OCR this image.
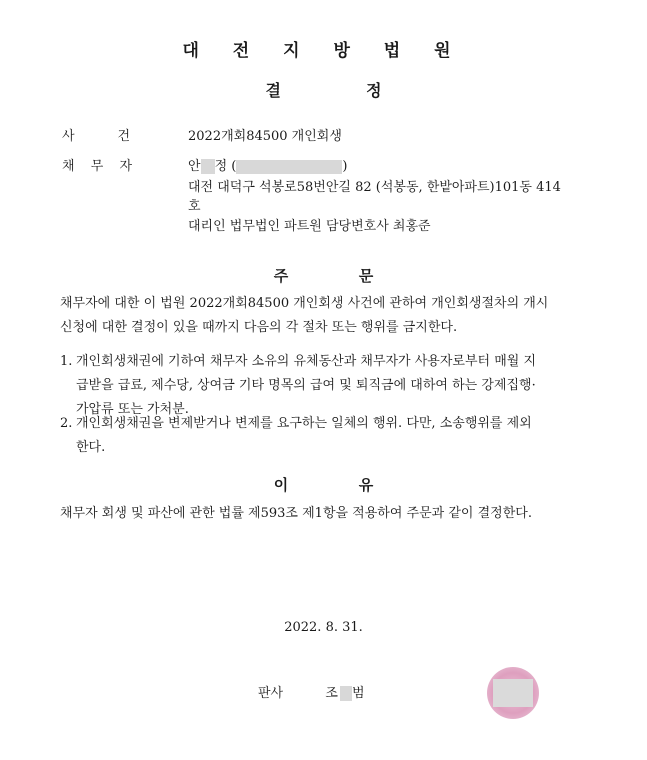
대 전 지 방 법 원
결	정
사	건	2022개회84500 개인회생
채 무 자	안 정 (	)
대전 대덕구 석봉로58번안길 82 (석봉동, 한밭아파트)101동 414
호
대리인 법무법인 파트원 담당변호사 최홍준
주	문
채무자에 대한 이 법원 2022개회84500 개인회생 사건에 관하여 개인회생절차의 개시
신청에 대한 결정이 있을 때까지 다음의 각 절차 또는 행위를 금지한다.
1. 개인회생채권에 기하여 채무자 소유의 유체동산과 채무자가 사용자로부터 매월 지
급받을 급료, 제수당, 상여금 기타 명목의 급여 및 퇴직금에 대하여 하는 강제집행·
가압류 또는 가처분.
2. 개인회생채권을 변제받거나 변제를 요구하는 일체의 행위. 다만, 소송행위를 제외
한다.
이	유
채무자 회생 및 파산에 관한 법률 제593조 제1항을 적용하여 주문과 같이 결정한다.
2022. 8. 31.
판사	조 범
